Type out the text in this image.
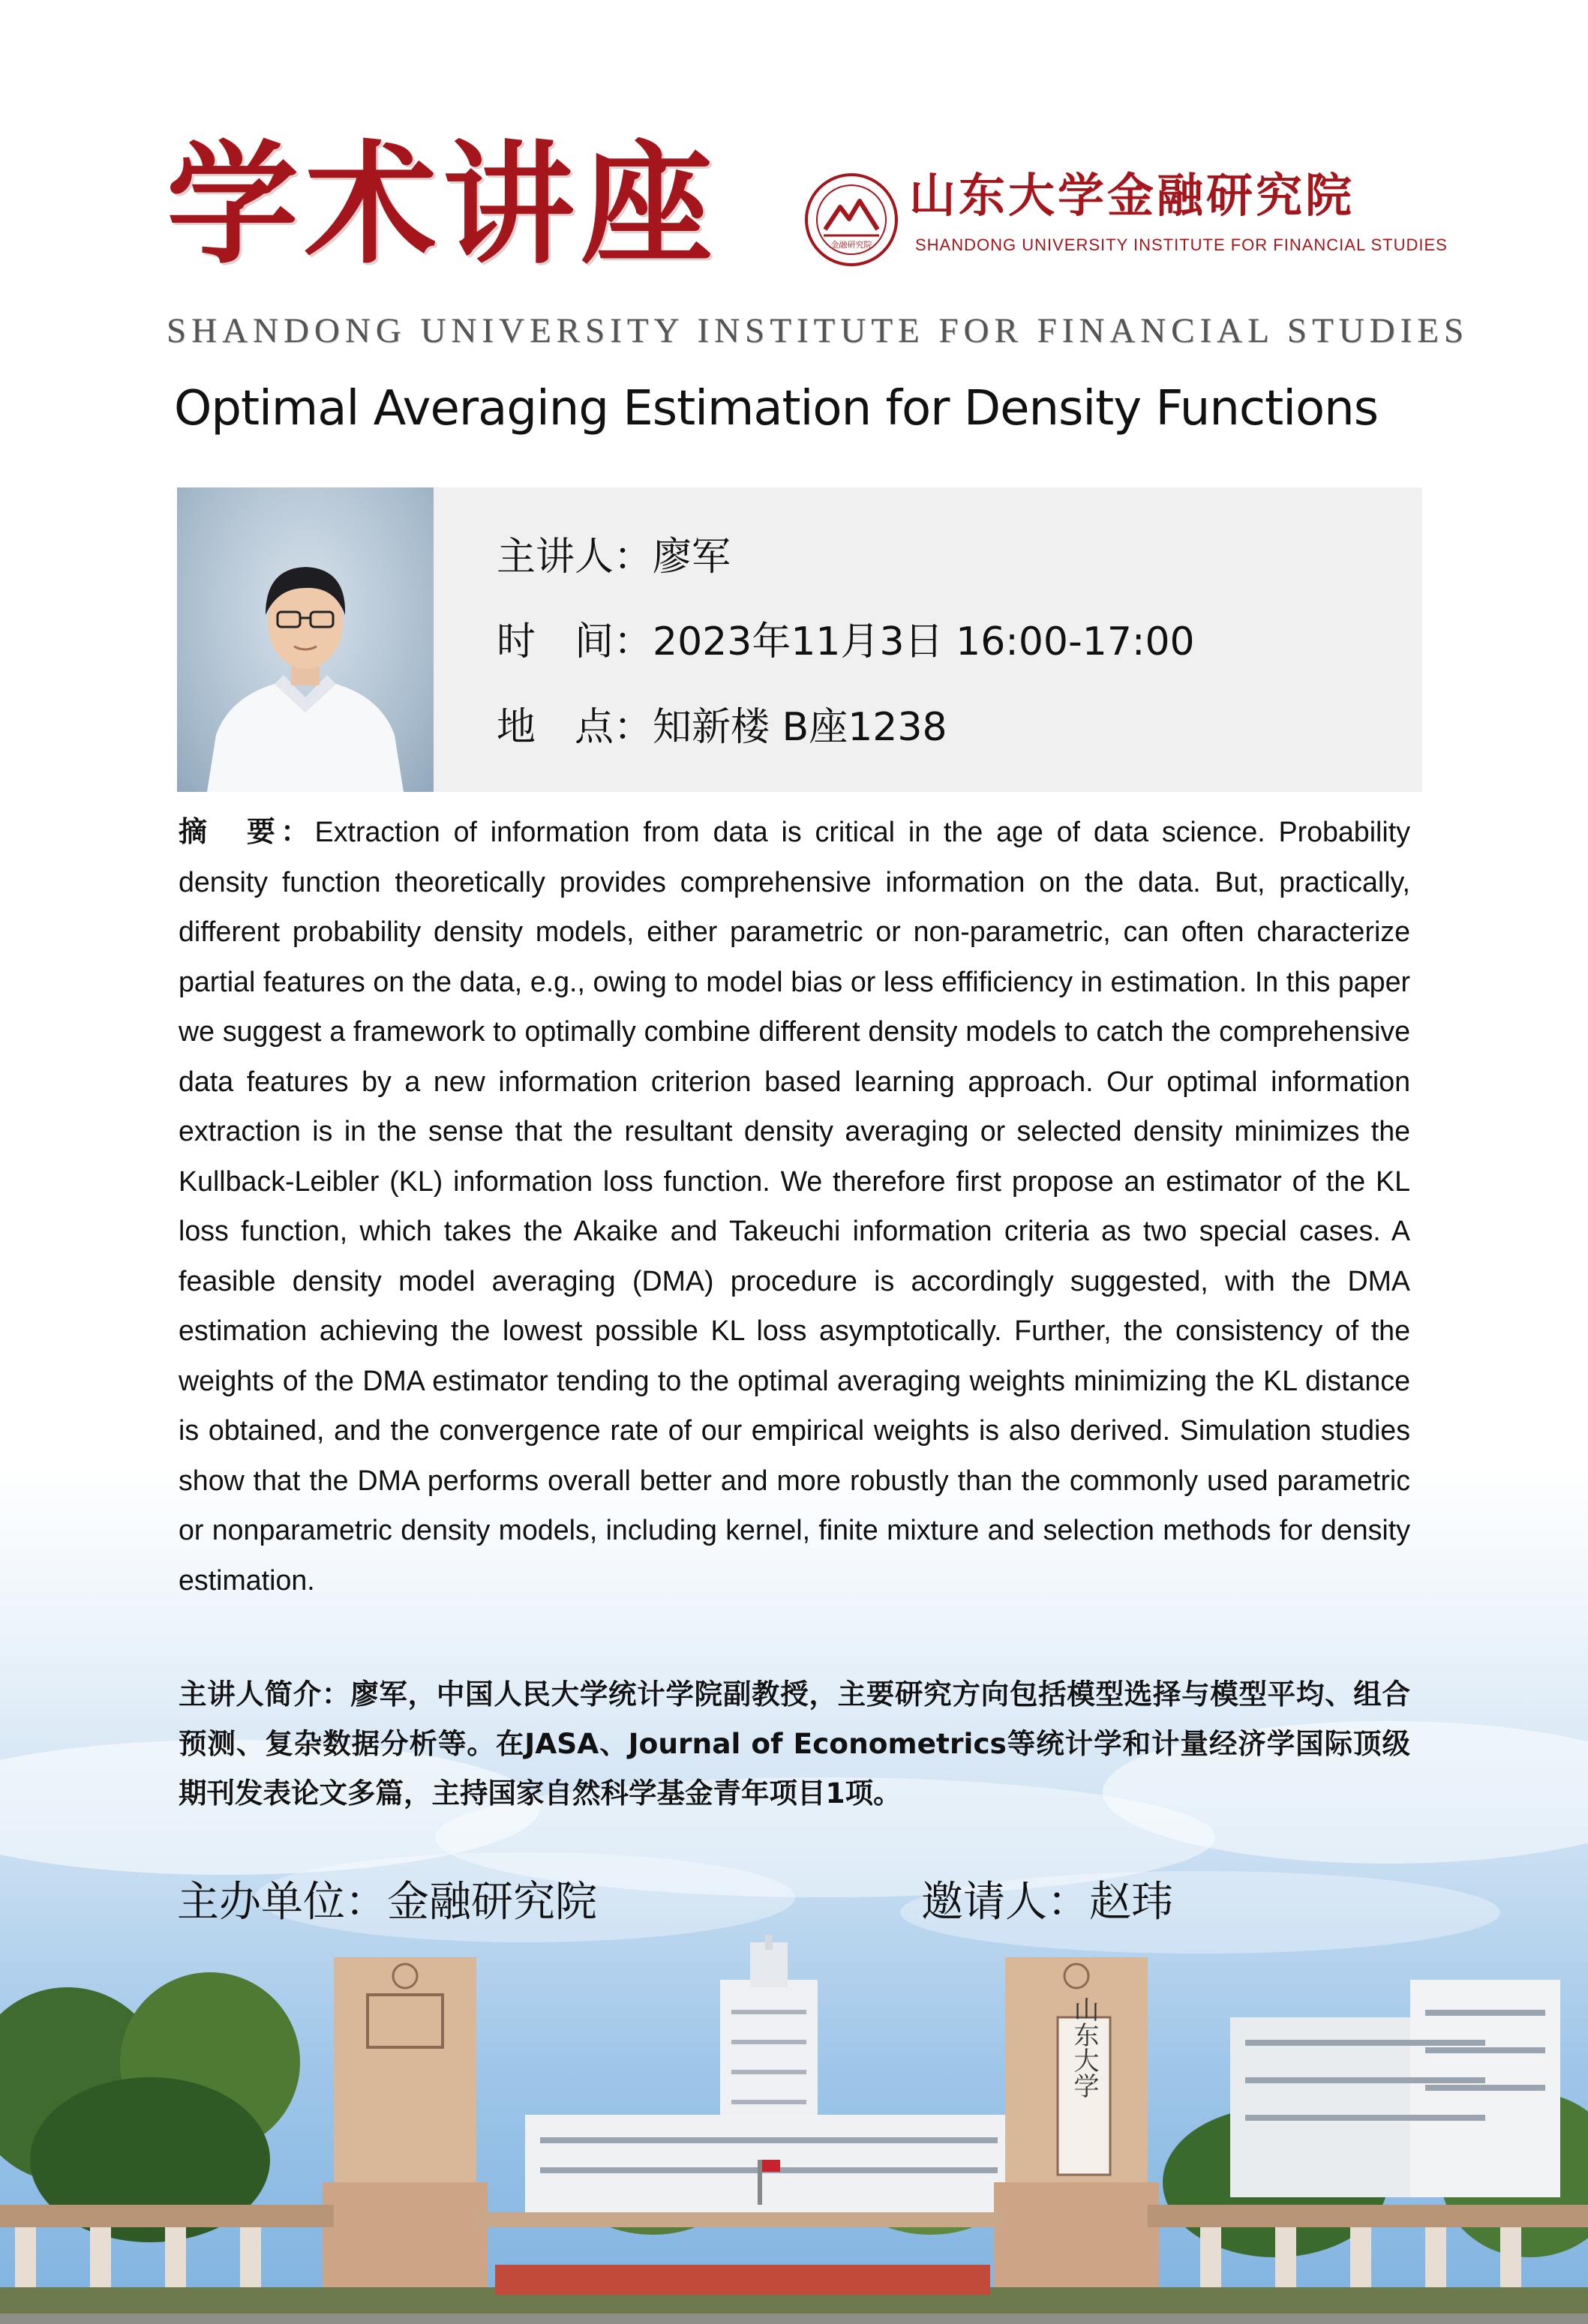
学术讲座	金融研究院
山东大学金融研究院
SHANDONG UNIVERSITY INSTITUTE FOR FINANCIAL STUDIES
SHANDONG UNIVERSITY INSTITUTE FOR FINANCIAL STUDIES
Optimal Averaging Estimation for Density Functions
主讲人：廖军
时　间：2023年11月3日 16:00-17:00
地　点：知新楼 B座1238

摘　要：Extraction of information from data is critical in the age of data science. Probability density function theoretically provides comprehensive information on the data. But, practically, different probability density models, either parametric or non-parametric, can often characterize partial features on the data, e.g., owing to model bias or less effificiency in estimation. In this paper we suggest a framework to optimally combine different density models to catch the comprehensive data features by a new information criterion based learning approach. Our optimal information extraction is in the sense that the resultant density averaging or selected density minimizes the Kullback-Leibler (KL) information loss function. We therefore first propose an estimator of the KL loss function, which takes the Akaike and Takeuchi information criteria as two special cases. A feasible density model averaging (DMA) procedure is accordingly suggested, with the DMA estimation achieving the lowest possible KL loss asymptotically. Further, the consistency of the weights of the DMA estimator tending to the optimal averaging weights minimizing the KL distance is obtained, and the convergence rate of our empirical weights is also derived. Simulation studies show that the DMA performs overall better and more robustly than the commonly used parametric or nonparametric density models, including kernel, finite mixture and selection methods for density estimation.

主讲人简介：廖军，中国人民大学统计学院副教授，主要研究方向包括模型选择与模型平均、组合预测、复杂数据分析等。在JASA、Journal of Econometrics等统计学和计量经济学国际顶级期刊发表论文多篇，主持国家自然科学基金青年项目1项。

主办单位：金融研究院	邀请人：赵玮
山东大学
